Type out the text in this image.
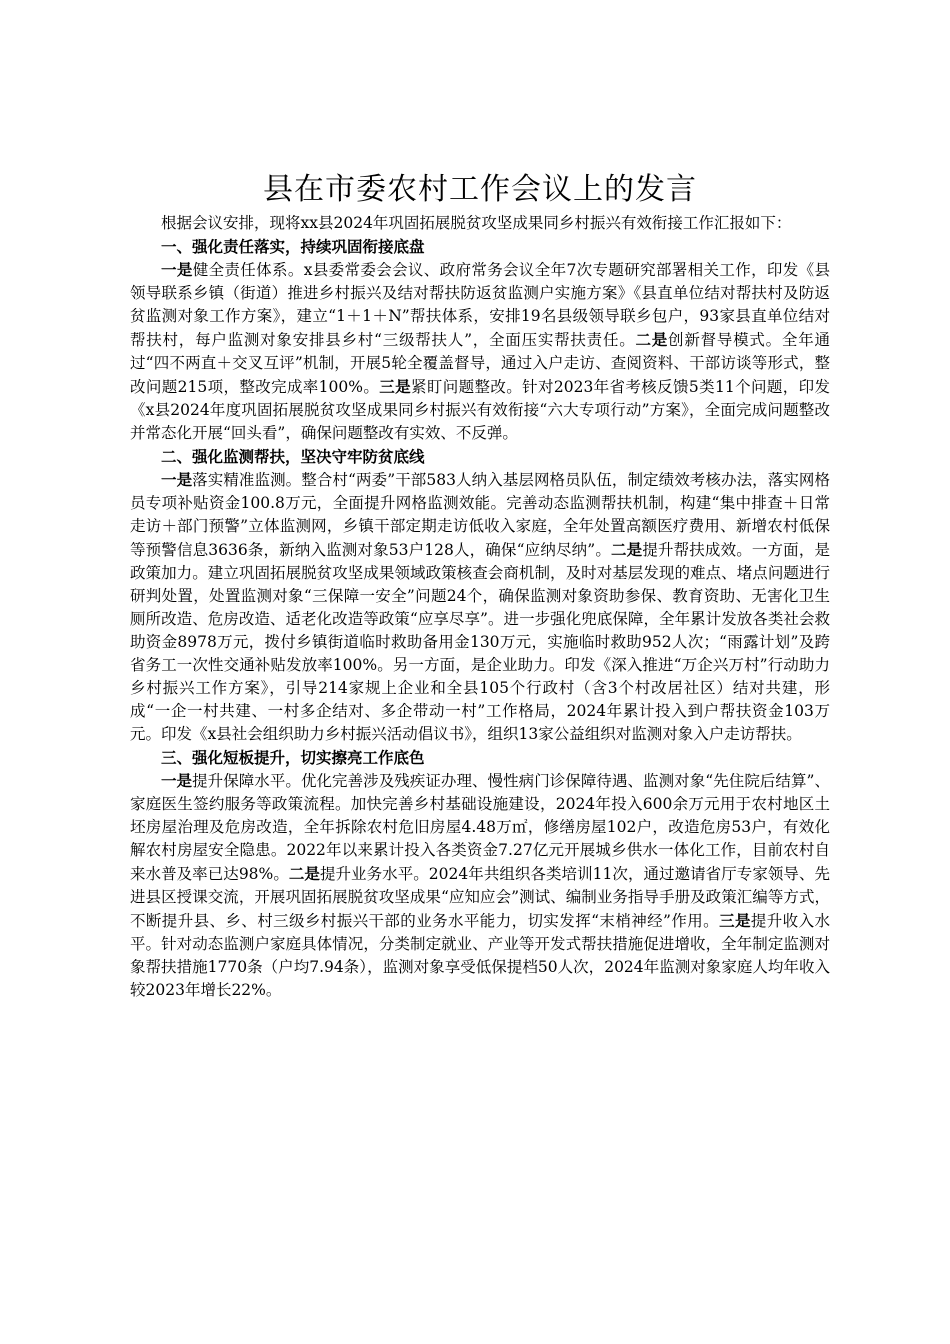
县在市委农村工作会议上的发言

根据会议安排，现将xx县2024年巩固拓展脱贫攻坚成果同乡村振兴有效衔接工作汇报如下：

一、强化责任落实，持续巩固衔接底盘

一是健全责任体系。x县委常委会会议、政府常务会议全年7次专题研究部署相关工作，印发《县领导联系乡镇（街道）推进乡村振兴及结对帮扶防返贫监测户实施方案》《县直单位结对帮扶村及防返贫监测对象工作方案》，建立“1＋1＋N”帮扶体系，安排19名县级领导联乡包户，93家县直单位结对帮扶村，每户监测对象安排县乡村“三级帮扶人”，全面压实帮扶责任。二是创新督导模式。全年通过“四不两直＋交叉互评”机制，开展5轮全覆盖督导，通过入户走访、查阅资料、干部访谈等形式，整改问题215项，整改完成率100%。三是紧盯问题整改。针对2023年省考核反馈5类11个问题，印发《x县2024年度巩固拓展脱贫攻坚成果同乡村振兴有效衔接“六大专项行动”方案》，全面完成问题整改并常态化开展“回头看”，确保问题整改有实效、不反弹。

二、强化监测帮扶，坚决守牢防贫底线

一是落实精准监测。整合村“两委”干部583人纳入基层网格员队伍，制定绩效考核办法，落实网格员专项补贴资金100.8万元，全面提升网格监测效能。完善动态监测帮扶机制，构建“集中排查＋日常走访＋部门预警”立体监测网，乡镇干部定期走访低收入家庭，全年处置高额医疗费用、新增农村低保等预警信息3636条，新纳入监测对象53户128人，确保“应纳尽纳”。二是提升帮扶成效。一方面，是政策加力。建立巩固拓展脱贫攻坚成果领域政策核查会商机制，及时对基层发现的难点、堵点问题进行研判处置，处置监测对象“三保障一安全”问题24个，确保监测对象资助参保、教育资助、无害化卫生厕所改造、危房改造、适老化改造等政策“应享尽享”。进一步强化兜底保障，全年累计发放各类社会救助资金8978万元，拨付乡镇街道临时救助备用金130万元，实施临时救助952人次；“雨露计划”及跨省务工一次性交通补贴发放率100%。另一方面，是企业助力。印发《深入推进“万企兴万村”行动助力乡村振兴工作方案》，引导214家规上企业和全县105个行政村（含3个村改居社区）结对共建，形成“一企一村共建、一村多企结对、多企带动一村”工作格局，2024年累计投入到户帮扶资金103万元。印发《x县社会组织助力乡村振兴活动倡议书》，组织13家公益组织对监测对象入户走访帮扶。

三、强化短板提升，切实擦亮工作底色

一是提升保障水平。优化完善涉及残疾证办理、慢性病门诊保障待遇、监测对象“先住院后结算”、家庭医生签约服务等政策流程。加快完善乡村基础设施建设，2024年投入600余万元用于农村地区土坯房屋治理及危房改造，全年拆除农村危旧房屋4.48万㎡，修缮房屋102户，改造危房53户，有效化解农村房屋安全隐患。2022年以来累计投入各类资金7.27亿元开展城乡供水一体化工作，目前农村自来水普及率已达98%。二是提升业务水平。2024年共组织各类培训11次，通过邀请省厅专家领导、先进县区授课交流，开展巩固拓展脱贫攻坚成果“应知应会”测试、编制业务指导手册及政策汇编等方式，不断提升县、乡、村三级乡村振兴干部的业务水平能力，切实发挥“末梢神经”作用。三是提升收入水平。针对动态监测户家庭具体情况，分类制定就业、产业等开发式帮扶措施促进增收，全年制定监测对象帮扶措施1770条（户均7.94条），监测对象享受低保提档50人次，2024年监测对象家庭人均年收入较2023年增长22%。
